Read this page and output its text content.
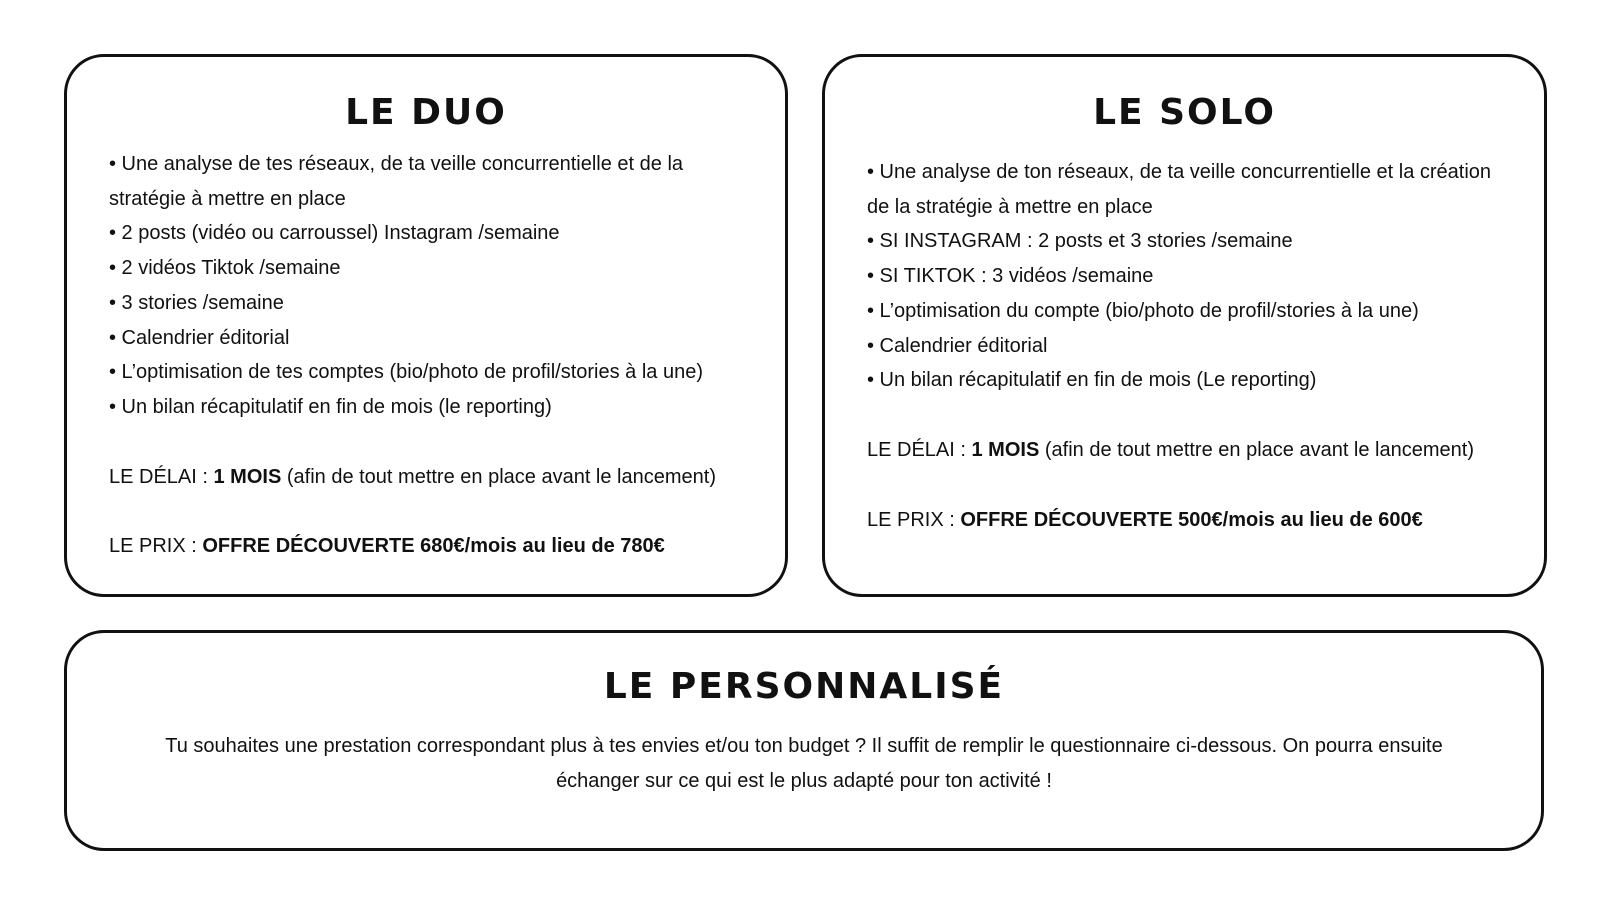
LE DUO
• Une analyse de tes réseaux, de ta veille concurrentielle et de la stratégie à mettre en place
• 2 posts (vidéo ou carroussel) Instagram /semaine
• 2 vidéos Tiktok /semaine
• 3 stories /semaine
• Calendrier éditorial
• L’optimisation de tes comptes (bio/photo de profil/stories à la une)
• Un bilan récapitulatif en fin de mois (le reporting)
LE DÉLAI : 1 MOIS (afin de tout mettre en place avant le lancement)
LE PRIX : OFFRE DÉCOUVERTE 680€/mois au lieu de 780€
LE SOLO
• Une analyse de ton réseaux, de ta veille concurrentielle et la création de la stratégie à mettre en place
• SI INSTAGRAM : 2 posts et 3 stories /semaine
• SI TIKTOK : 3 vidéos /semaine
• L’optimisation du compte (bio/photo de profil/stories à la une)
• Calendrier éditorial
• Un bilan récapitulatif en fin de mois (Le reporting)
LE DÉLAI : 1 MOIS (afin de tout mettre en place avant le lancement)
LE PRIX : OFFRE DÉCOUVERTE 500€/mois au lieu de 600€
LE PERSONNALISÉ

Tu souhaites une prestation correspondant plus à tes envies et/ou ton budget ? Il suffit de remplir le questionnaire ci-dessous. On pourra ensuite échanger sur ce qui est le plus adapté pour ton activité !
